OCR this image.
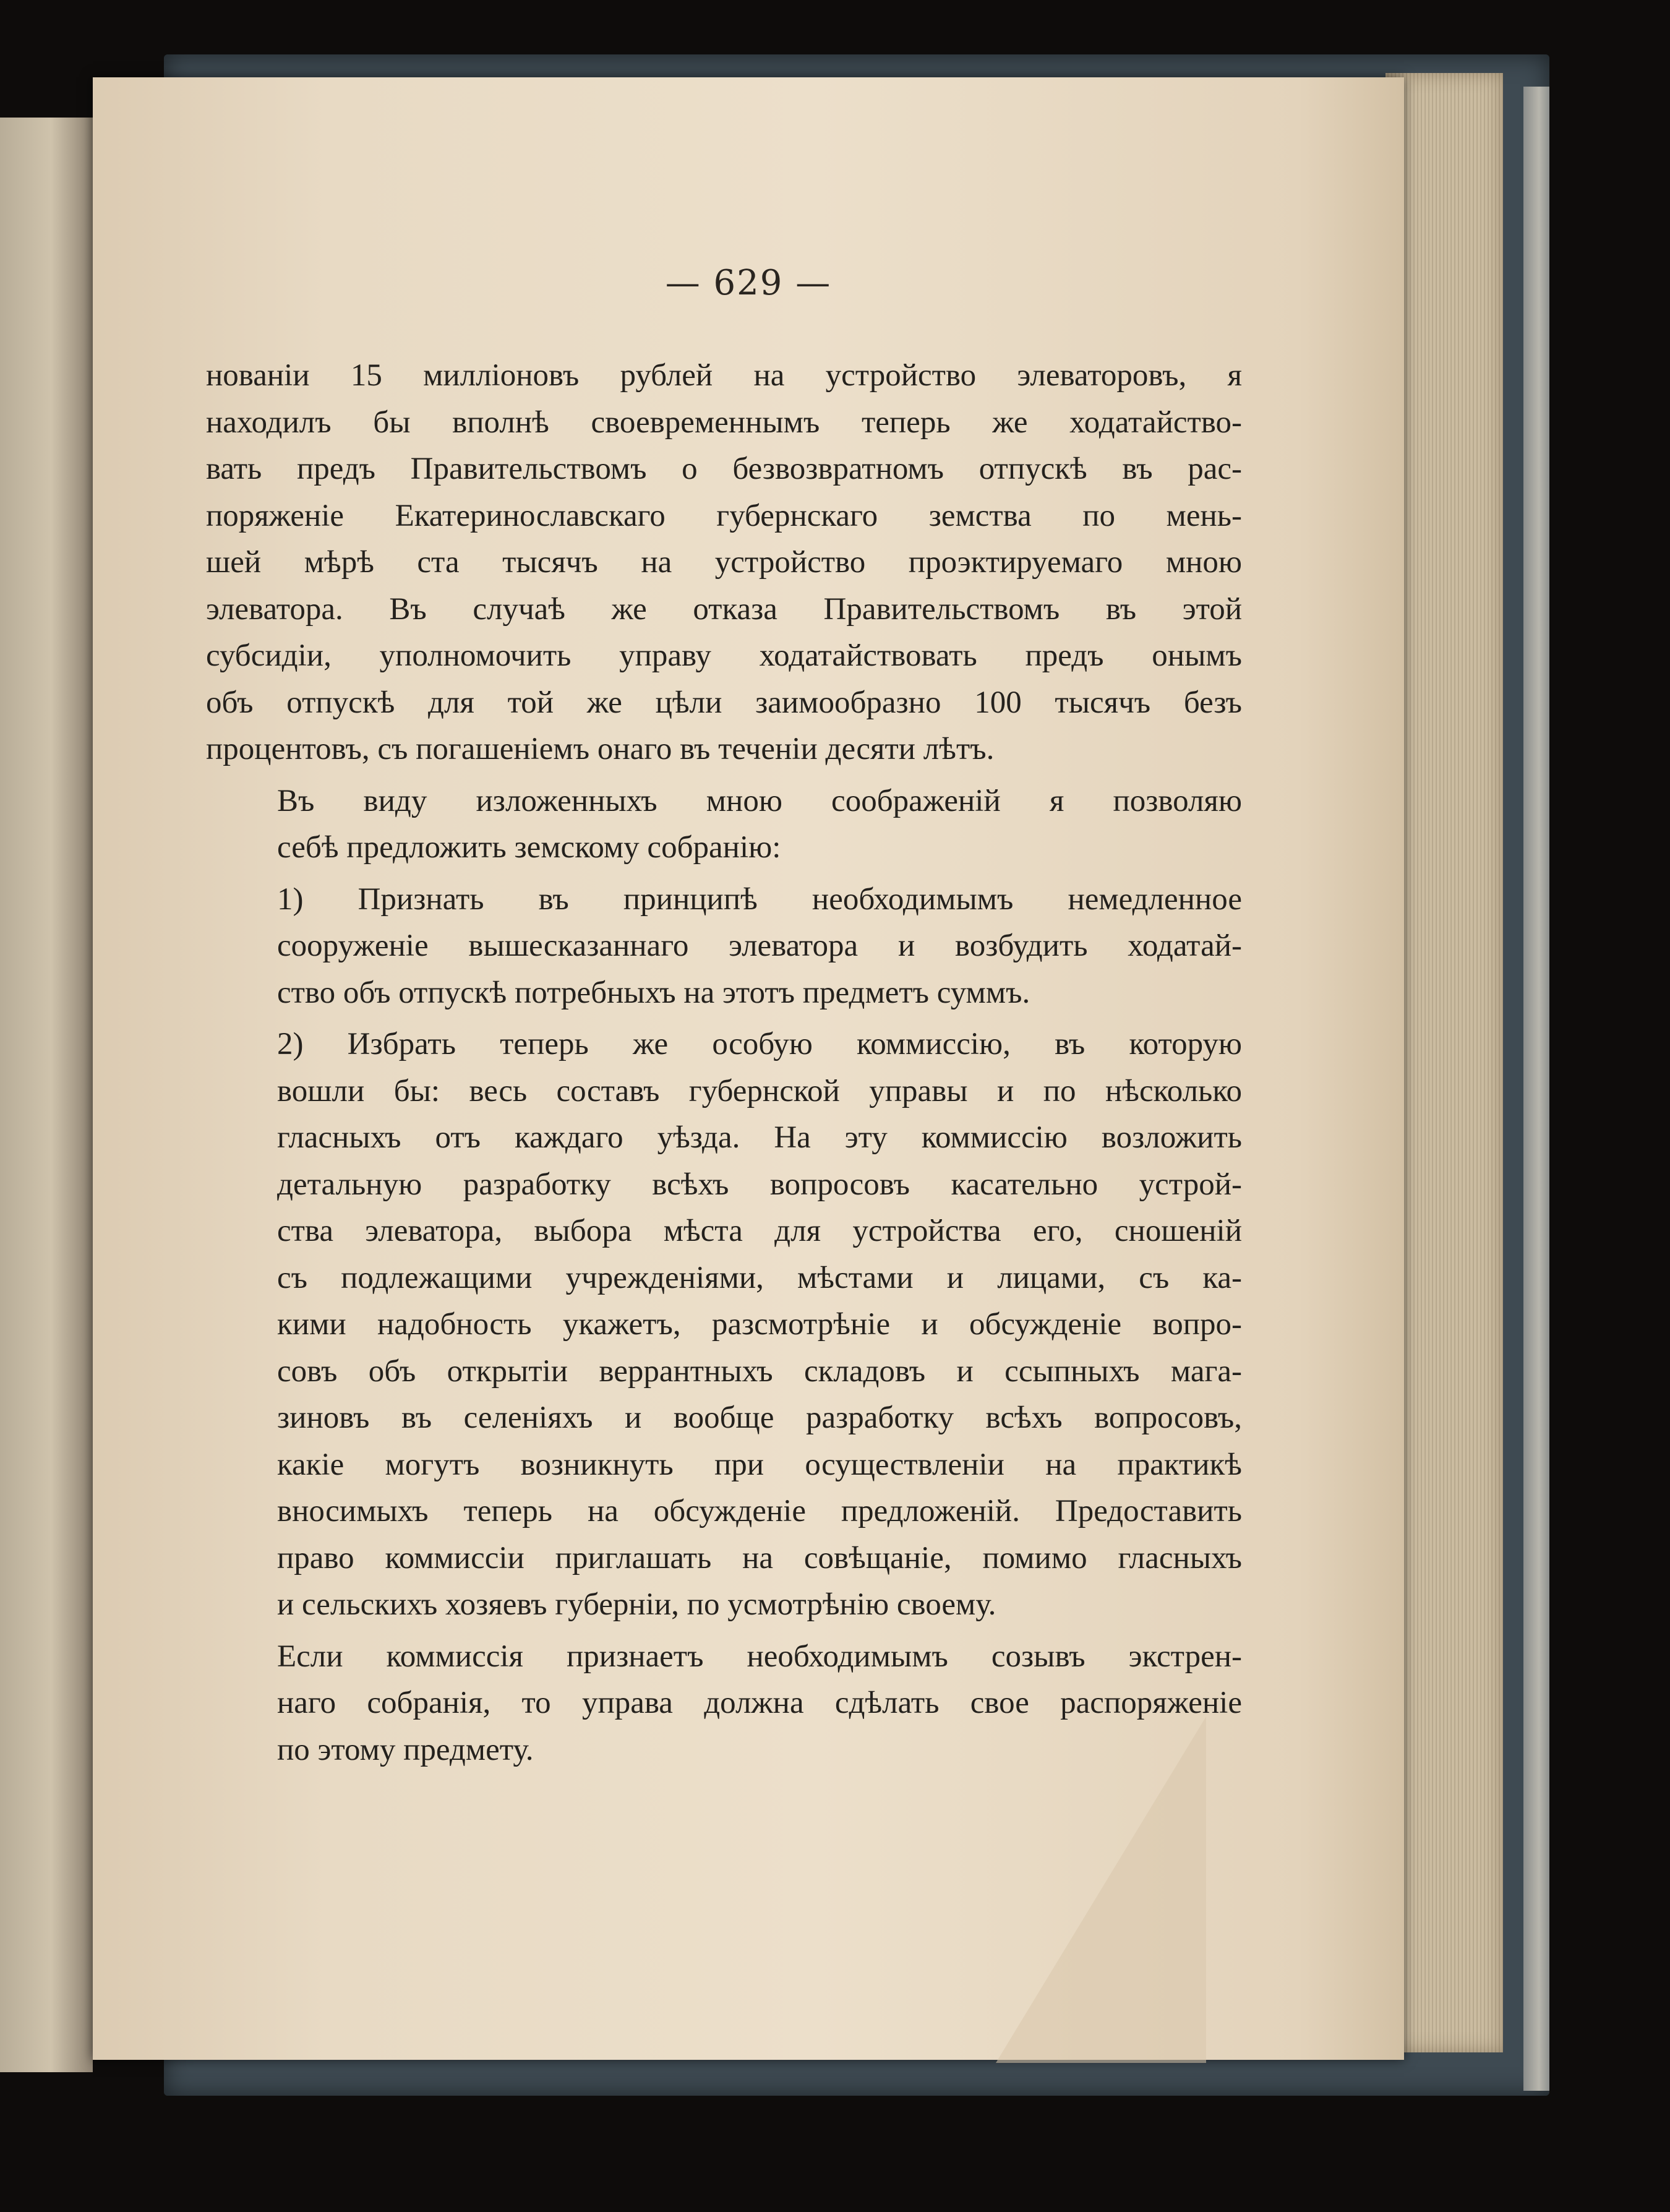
— 629 —
нованіи 15 милліоновъ рублей на устройство элеваторовъ, я
находилъ бы вполнѣ своевременнымъ теперь же ходатайство-
вать предъ Правительствомъ о безвозвратномъ отпускѣ въ рас-
поряженіе Екатеринославскаго губернскаго земства по мень-
шей мѣрѣ ста тысячъ на устройство проэктируемаго мною
элеватора. Въ случаѣ же отказа Правительствомъ въ этой
субсидіи, уполномочить управу ходатайствовать предъ онымъ
объ отпускѣ для той же цѣли заимообразно 100 тысячъ безъ
процентовъ, съ погашеніемъ онаго въ теченіи десяти лѣтъ.
Въ виду изложенныхъ мною соображеній я позволяю
себѣ предложить земскому собранію:
1) Признать въ принципѣ необходимымъ немедленное
сооруженіе вышесказаннаго элеватора и возбудить ходатай-
ство объ отпускѣ потребныхъ на этотъ предметъ суммъ.
2) Избрать теперь же особую коммиссію, въ которую
вошли бы: весь составъ губернской управы и по нѣсколько
гласныхъ отъ каждаго уѣзда. На эту коммиссію возложить
детальную разработку всѣхъ вопросовъ касательно устрой-
ства элеватора, выбора мѣста для устройства его, сношеній
съ подлежащими учрежденіями, мѣстами и лицами, съ ка-
кими надобность укажетъ, разсмотрѣніе и обсужденіе вопро-
совъ объ открытіи веррантныхъ складовъ и ссыпныхъ мага-
зиновъ въ селеніяхъ и вообще разработку всѣхъ вопросовъ,
какіе могутъ возникнуть при осуществленіи на практикѣ
вносимыхъ теперь на обсужденіе предложеній. Предоставить
право коммиссіи приглашать на совѣщаніе, помимо гласныхъ
и сельскихъ хозяевъ губерніи, по усмотрѣнію своему.
Если коммиссія признаетъ необходимымъ созывъ экстрен-
наго собранія, то управа должна сдѣлать свое распоряженіе
по этому предмету.
